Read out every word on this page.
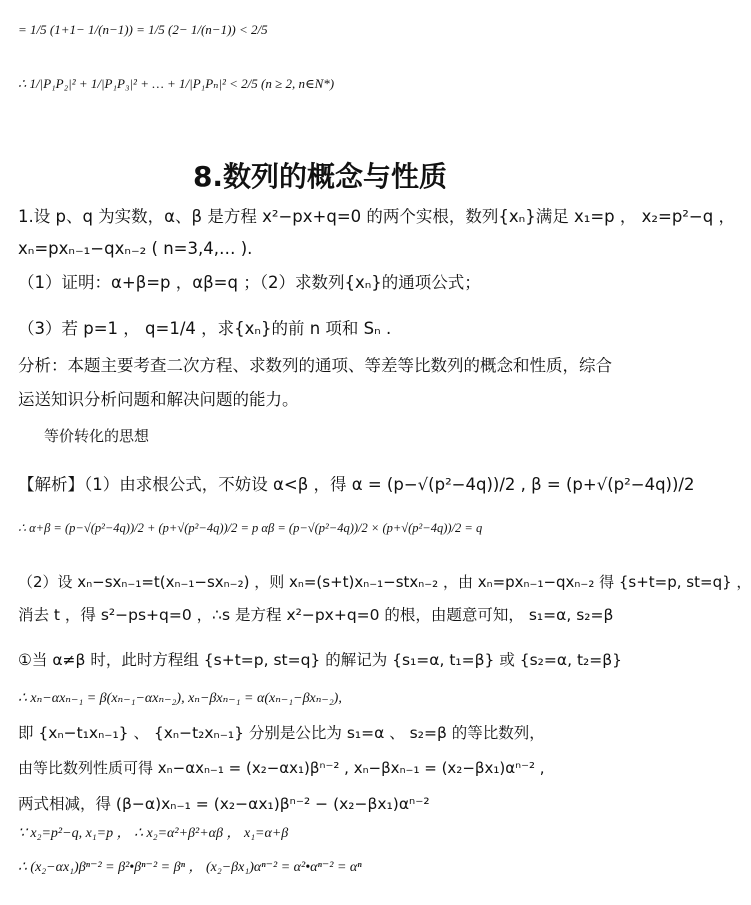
= 1/5 (1+1− 1/(n−1)) = 1/5 (2− 1/(n−1)) < 2/5
∴ 1/|P₁P₂|² + 1/|P₁P₃|² + … + 1/|P₁Pₙ|² < 2/5 (n ≥ 2, n∈N*)
8.数列的概念与性质
1.设 p、q 为实数，α、β 是方程 x²−px+q=0 的两个实根，数列{xₙ}满足 x₁=p ， x₂=p²−q ，
xₙ=pxₙ₋₁−qxₙ₋₂ ( n=3,4,… ).
（1）证明：α+β=p ，αβ=q ；（2）求数列{xₙ}的通项公式；
（3）若 p=1 ， q=1/4 ，求{xₙ}的前 n 项和 Sₙ .
分析：本题主要考查二次方程、求数列的通项、等差等比数列的概念和性质，综合
运送知识分析问题和解决问题的能力。
等价转化的思想
【解析】（1）由求根公式，不妨设 α<β ，得 α = (p−√(p²−4q))/2 , β = (p+√(p²−4q))/2
∴ α+β = (p−√(p²−4q))/2 + (p+√(p²−4q))/2 = p αβ = (p−√(p²−4q))/2 × (p+√(p²−4q))/2 = q
（2）设 xₙ−sxₙ₋₁=t(xₙ₋₁−sxₙ₋₂) ，则 xₙ=(s+t)xₙ₋₁−stxₙ₋₂ ，由 xₙ=pxₙ₋₁−qxₙ₋₂ 得 {s+t=p, st=q} ，
消去 t ，得 s²−ps+q=0 ，∴s 是方程 x²−px+q=0 的根，由题意可知， s₁=α, s₂=β
①当 α≠β 时，此时方程组 {s+t=p, st=q} 的解记为 {s₁=α, t₁=β} 或 {s₂=α, t₂=β}
∴ xₙ−αxₙ₋₁ = β(xₙ₋₁−αxₙ₋₂), xₙ−βxₙ₋₁ = α(xₙ₋₁−βxₙ₋₂),
即 {xₙ−t₁xₙ₋₁} 、 {xₙ−t₂xₙ₋₁} 分别是公比为 s₁=α 、 s₂=β 的等比数列，
由等比数列性质可得 xₙ−αxₙ₋₁ = (x₂−αx₁)βⁿ⁻² , xₙ−βxₙ₋₁ = (x₂−βx₁)αⁿ⁻² ,
两式相减，得 (β−α)xₙ₋₁ = (x₂−αx₁)βⁿ⁻² − (x₂−βx₁)αⁿ⁻²
∵ x₂=p²−q, x₁=p ， ∴ x₂=α²+β²+αβ ， x₁=α+β
∴ (x₂−αx₁)βⁿ⁻² = β²•βⁿ⁻² = βⁿ ， (x₂−βx₁)αⁿ⁻² = α²•αⁿ⁻² = αⁿ
